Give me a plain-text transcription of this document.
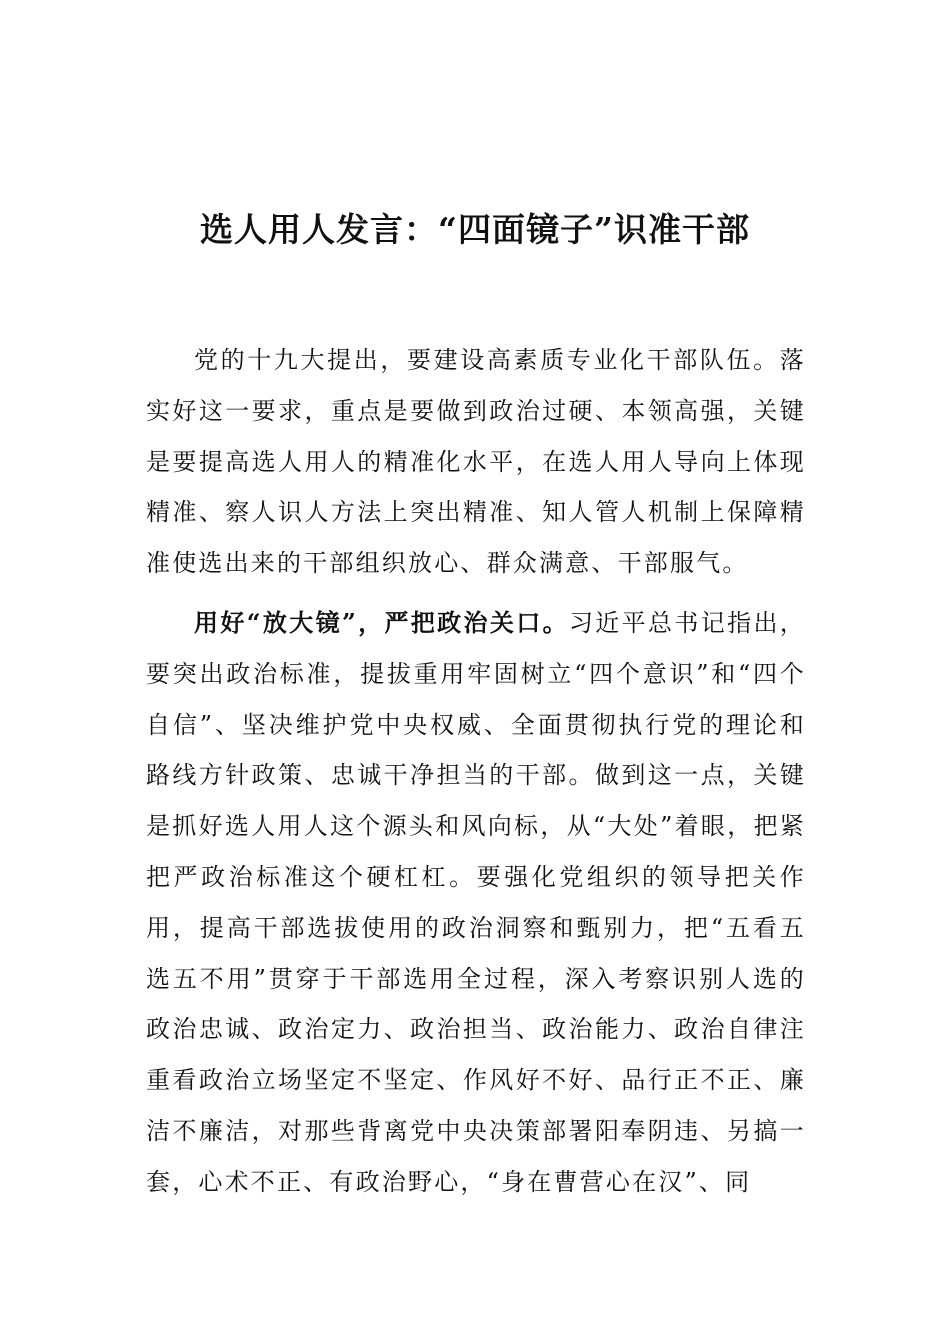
选人用人发言：“四面镜子”识准干部

党的十九大提出，要建设高素质专业化干部队伍。落实好这一要求，重点是要做到政治过硬、本领高强，关键是要提高选人用人的精准化水平，在选人用人导向上体现精准、察人识人方法上突出精准、知人管人机制上保障精准使选出来的干部组织放心、群众满意、干部服气。

用好“放大镜”，严把政治关口。习近平总书记指出，要突出政治标准，提拔重用牢固树立“四个意识”和“四个自信”、坚决维护党中央权威、全面贯彻执行党的理论和路线方针政策、忠诚干净担当的干部。做到这一点，关键是抓好选人用人这个源头和风向标，从“大处”着眼，把紧把严政治标准这个硬杠杠。要强化党组织的领导把关作用，提高干部选拔使用的政治洞察和甄别力，把“五看五选五不用”贯穿于干部选用全过程，深入考察识别人选的政治忠诚、政治定力、政治担当、政治能力、政治自律注重看政治立场坚定不坚定、作风好不好、品行正不正、廉洁不廉洁，对那些背离党中央决策部署阳奉阴违、另搞一套，心术不正、有政治野心，“身在曹营心在汉”、同
